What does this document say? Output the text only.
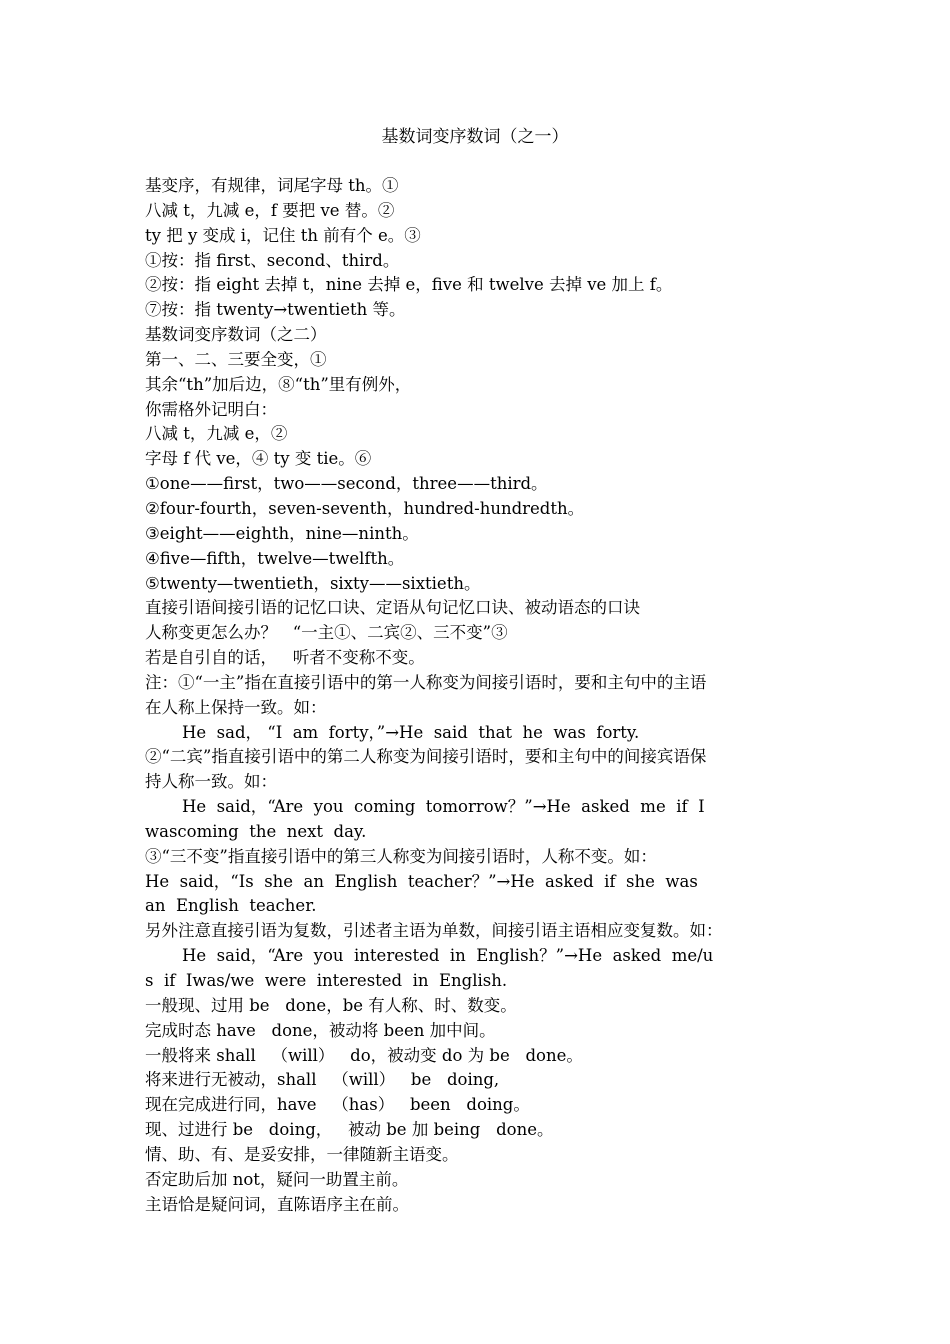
基数词变序数词（之一）
基变序，有规律，词尾字母 th。①
八减 t，九减 e，f 要把 ve 替。②
ty 把 y 变成 i，记住 th 前有个 e。③
①按：指 first、second、third。
②按：指 eight 去掉 t，nine 去掉 e，five 和 twelve 去掉 ve 加上 f。
⑦按：指 twenty→twentieth 等。
基数词变序数词（之二）
第一、二、三要全变，①
其余“th”加后边，⑧“th”里有例外，
你需格外记明白：
八减 t，九减 e，②
字母 f 代 ve，④ ty 变 tie。⑥
①one——first，two——second，three——third。
②four-fourth，seven-seventh，hundred-hundredth。
③eight——eighth，nine—ninth。
④five—fifth，twelve—twelfth。
⑤twenty—twentieth，sixty——sixtieth。
直接引语间接引语的记忆口诀、定语从句记忆口诀、被动语态的口诀
人称变更怎么办？   “一主①、二宾②、三不变”③
若是自引自的话，   听者不变称不变。
注：①“一主”指在直接引语中的第一人称变为间接引语时，要和主句中的主语
在人称上保持一致。如：
He  sad， “I  am  forty，”→He  said  that  he  was  forty.
②“二宾”指直接引语中的第二人称变为间接引语时，要和主句中的间接宾语保
持人称一致。如：
He  said，“Are  you  coming  tomorrow？”→He  asked  me  if  I
wascoming  the  next  day.
③“三不变”指直接引语中的第三人称变为间接引语时，人称不变。如：
He  said，“Is  she  an  English  teacher？”→He  asked  if  she  was
an  English  teacher.
另外注意直接引语为复数，引述者主语为单数，间接引语主语相应变复数。如：
He  said，“Are  you  interested  in  English？”→He  asked  me/u
s  if  Iwas/we  were  interested  in  English.
一般现、过用 be   done，be 有人称、时、数变。
完成时态 have   done，被动将 been 加中间。
一般将来 shall   （will）   do，被动变 do 为 be   done。
将来进行无被动，shall   （will）   be   doing,
现在完成进行同，have   （has）   been   doing。
现、过进行 be   doing，   被动 be 加 being   done。
情、助、有、是妥安排，一律随新主语变。
否定助后加 not，疑问一助置主前。
主语恰是疑问词，直陈语序主在前。
